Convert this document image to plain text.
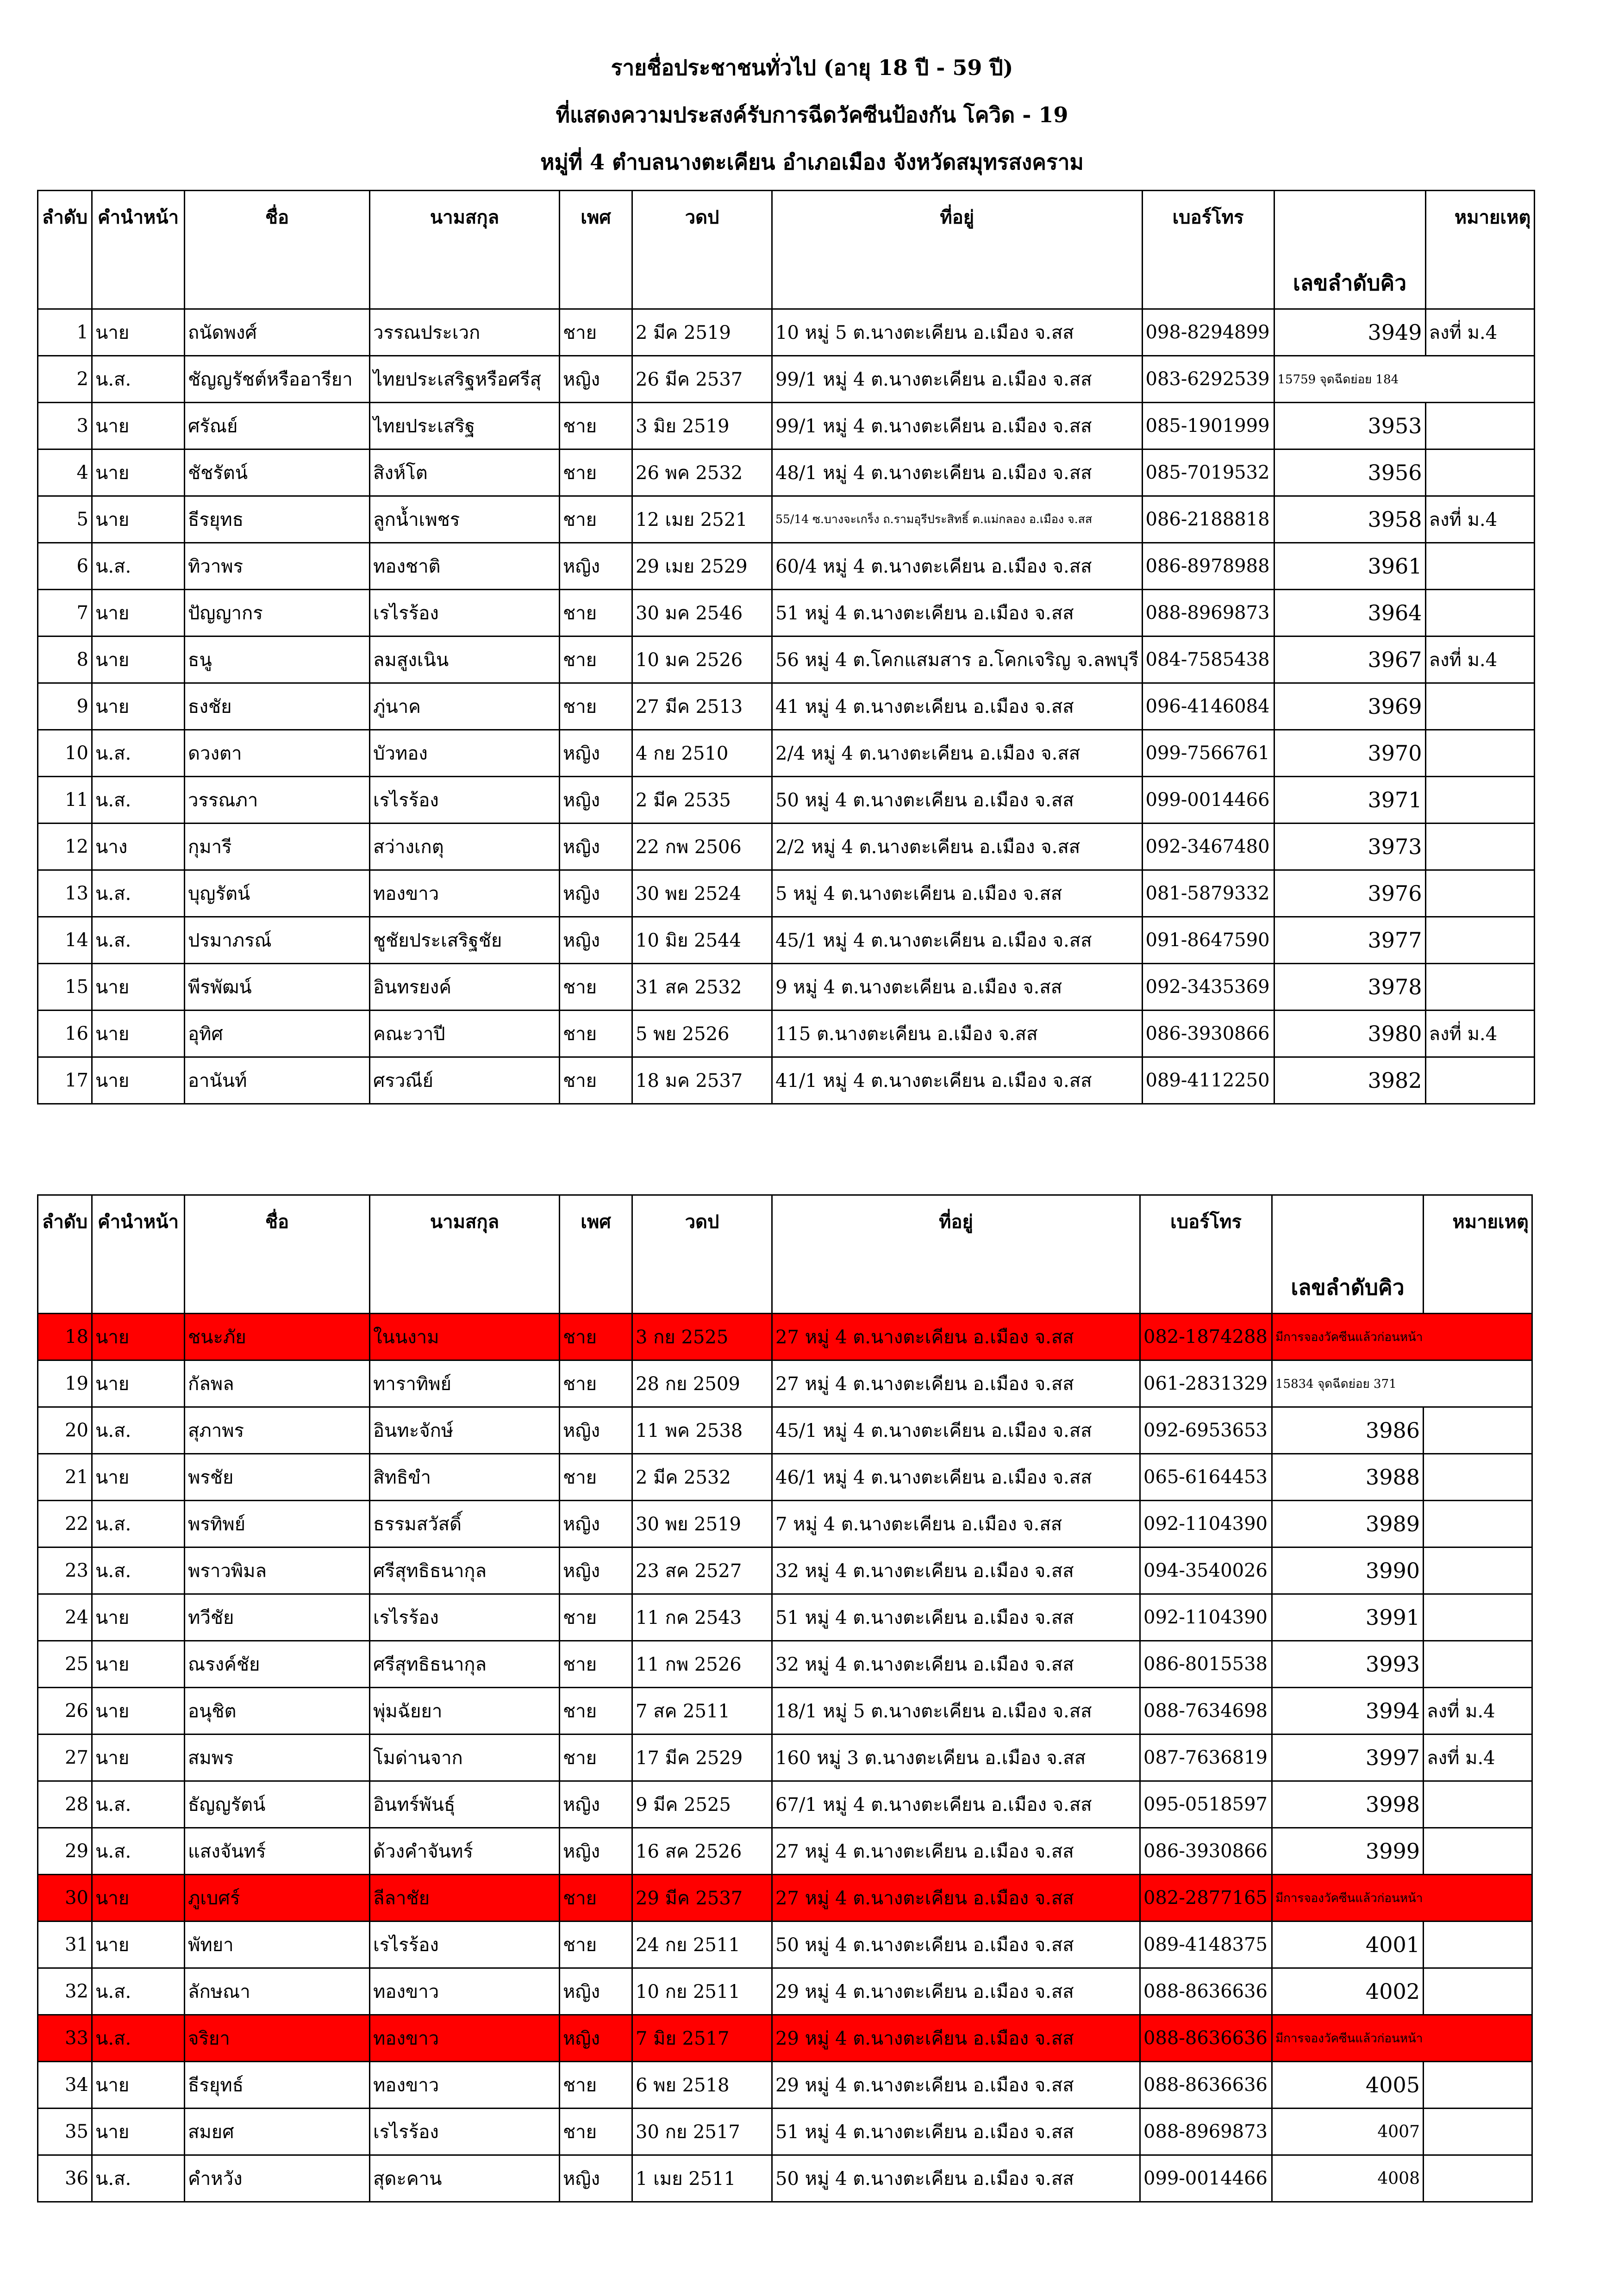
รายชื่อประชาชนทั่วไป (อายุ 18 ปี - 59 ปี)
ที่แสดงความประสงค์รับการฉีดวัคซีนป้องกัน โควิด - 19
หมู่ที่ 4 ตำบลนางตะเคียน อำเภอเมือง จังหวัดสมุทรสงคราม
ลำดับ	คำนำหน้า	ชื่อ	นามสกุล	เพศ	วดป	ที่อยู่	เบอร์โทร	เลขลำดับคิว	หมายเหตุ
1	นาย	ถนัดพงศ์	วรรณประเวก	ชาย	2 มีค 2519	10 หมู่ 5 ต.นางตะเคียน อ.เมือง จ.สส	098-8294899	3949	ลงที่ ม.4
2	น.ส.	ชัญญรัชต์หรืออารียา	ไทยประเสริฐหรือศรีสุ	หญิง	26 มีค 2537	99/1 หมู่ 4 ต.นางตะเคียน อ.เมือง จ.สส	083-6292539	15759 จุดฉีดย่อย 184	
3	นาย	ศรัณย์	ไทยประเสริฐ	ชาย	3 มิย 2519	99/1 หมู่ 4 ต.นางตะเคียน อ.เมือง จ.สส	085-1901999	3953	
4	นาย	ชัชรัตน์	สิงห์โต	ชาย	26 พค 2532	48/1 หมู่ 4 ต.นางตะเคียน อ.เมือง จ.สส	085-7019532	3956	
5	นาย	ธีรยุทธ	ลูกน้ำเพชร	ชาย	12 เมย 2521	55/14 ซ.บางจะเกร็ง ถ.รามอุรีประสิทธิ์ ต.แม่กลอง อ.เมือง จ.สส	086-2188818	3958	ลงที่ ม.4
6	น.ส.	ทิวาพร	ทองชาติ	หญิง	29 เมย 2529	60/4 หมู่ 4 ต.นางตะเคียน อ.เมือง จ.สส	086-8978988	3961	
7	นาย	ปัญญากร	เรไรร้อง	ชาย	30 มค 2546	51 หมู่ 4 ต.นางตะเคียน อ.เมือง จ.สส	088-8969873	3964	
8	นาย	ธนู	ลมสูงเนิน	ชาย	10 มค 2526	56 หมู่ 4 ต.โคกแสมสาร อ.โคกเจริญ จ.ลพบุรี	084-7585438	3967	ลงที่ ม.4
9	นาย	ธงชัย	ภู่นาค	ชาย	27 มีค 2513	41 หมู่ 4 ต.นางตะเคียน อ.เมือง จ.สส	096-4146084	3969	
10	น.ส.	ดวงตา	บัวทอง	หญิง	4 กย 2510	2/4 หมู่ 4 ต.นางตะเคียน อ.เมือง จ.สส	099-7566761	3970	
11	น.ส.	วรรณภา	เรไรร้อง	หญิง	2 มีค 2535	50 หมู่ 4 ต.นางตะเคียน อ.เมือง จ.สส	099-0014466	3971	
12	นาง	กุมารี	สว่างเกตุ	หญิง	22 กพ 2506	2/2 หมู่ 4 ต.นางตะเคียน อ.เมือง จ.สส	092-3467480	3973	
13	น.ส.	บุญรัตน์	ทองขาว	หญิง	30 พย 2524	5 หมู่ 4 ต.นางตะเคียน อ.เมือง จ.สส	081-5879332	3976	
14	น.ส.	ปรมาภรณ์	ชูชัยประเสริฐชัย	หญิง	10 มิย 2544	45/1 หมู่ 4 ต.นางตะเคียน อ.เมือง จ.สส	091-8647590	3977	
15	นาย	พีรพัฒน์	อินทรยงค์	ชาย	31 สค 2532	9 หมู่ 4 ต.นางตะเคียน อ.เมือง จ.สส	092-3435369	3978	
16	นาย	อุทิศ	คณะวาปี	ชาย	5 พย 2526	115 ต.นางตะเคียน อ.เมือง จ.สส	086-3930866	3980	ลงที่ ม.4
17	นาย	อานันท์	ศรวณีย์	ชาย	18 มค 2537	41/1 หมู่ 4 ต.นางตะเคียน อ.เมือง จ.สส	089-4112250	3982	
ลำดับ	คำนำหน้า	ชื่อ	นามสกุล	เพศ	วดป	ที่อยู่	เบอร์โทร	เลขลำดับคิว	หมายเหตุ
18	นาย	ชนะภัย	ในนงาม	ชาย	3 กย 2525	27 หมู่ 4 ต.นางตะเคียน อ.เมือง จ.สส	082-1874288	มีการจองวัคซีนแล้วก่อนหน้า	
19	นาย	กัลพล	ทาราทิพย์	ชาย	28 กย 2509	27 หมู่ 4 ต.นางตะเคียน อ.เมือง จ.สส	061-2831329	15834 จุดฉีดย่อย 371	
20	น.ส.	สุภาพร	อินทะจักษ์	หญิง	11 พค 2538	45/1 หมู่ 4 ต.นางตะเคียน อ.เมือง จ.สส	092-6953653	3986	
21	นาย	พรชัย	สิทธิขำ	ชาย	2 มีค 2532	46/1 หมู่ 4 ต.นางตะเคียน อ.เมือง จ.สส	065-6164453	3988	
22	น.ส.	พรทิพย์	ธรรมสวัสดิ์	หญิง	30 พย 2519	7 หมู่ 4 ต.นางตะเคียน อ.เมือง จ.สส	092-1104390	3989	
23	น.ส.	พราวพิมล	ศรีสุทธิธนากุล	หญิง	23 สค 2527	32 หมู่ 4 ต.นางตะเคียน อ.เมือง จ.สส	094-3540026	3990	
24	นาย	ทวีชัย	เรไรร้อง	ชาย	11 กค 2543	51 หมู่ 4 ต.นางตะเคียน อ.เมือง จ.สส	092-1104390	3991	
25	นาย	ณรงค์ชัย	ศรีสุทธิธนากุล	ชาย	11 กพ 2526	32 หมู่ 4 ต.นางตะเคียน อ.เมือง จ.สส	086-8015538	3993	
26	นาย	อนุชิต	พุ่มฉัยยา	ชาย	7 สค 2511	18/1 หมู่ 5 ต.นางตะเคียน อ.เมือง จ.สส	088-7634698	3994	ลงที่ ม.4
27	นาย	สมพร	โมด่านจาก	ชาย	17 มีค 2529	160 หมู่ 3 ต.นางตะเคียน อ.เมือง จ.สส	087-7636819	3997	ลงที่ ม.4
28	น.ส.	ธัญญรัตน์	อินทร์พันธุ์	หญิง	9 มีค 2525	67/1 หมู่ 4 ต.นางตะเคียน อ.เมือง จ.สส	095-0518597	3998	
29	น.ส.	แสงจันทร์	ด้วงคำจันทร์	หญิง	16 สค 2526	27 หมู่ 4 ต.นางตะเคียน อ.เมือง จ.สส	086-3930866	3999	
30	นาย	ภูเบศร์	ลีลาชัย	ชาย	29 มีค 2537	27 หมู่ 4 ต.นางตะเคียน อ.เมือง จ.สส	082-2877165	มีการจองวัคซีนแล้วก่อนหน้า	
31	นาย	พัทยา	เรไรร้อง	ชาย	24 กย 2511	50 หมู่ 4 ต.นางตะเคียน อ.เมือง จ.สส	089-4148375	4001	
32	น.ส.	ลักษณา	ทองขาว	หญิง	10 กย 2511	29 หมู่ 4 ต.นางตะเคียน อ.เมือง จ.สส	088-8636636	4002	
33	น.ส.	จริยา	ทองขาว	หญิง	7 มิย 2517	29 หมู่ 4 ต.นางตะเคียน อ.เมือง จ.สส	088-8636636	มีการจองวัคซีนแล้วก่อนหน้า	
34	นาย	ธีรยุทธ์	ทองขาว	ชาย	6 พย 2518	29 หมู่ 4 ต.นางตะเคียน อ.เมือง จ.สส	088-8636636	4005	
35	นาย	สมยศ	เรไรร้อง	ชาย	30 กย 2517	51 หมู่ 4 ต.นางตะเคียน อ.เมือง จ.สส	088-8969873	4007	
36	น.ส.	คำหวัง	สุดะคาน	หญิง	1 เมย 2511	50 หมู่ 4 ต.นางตะเคียน อ.เมือง จ.สส	099-0014466	4008	
